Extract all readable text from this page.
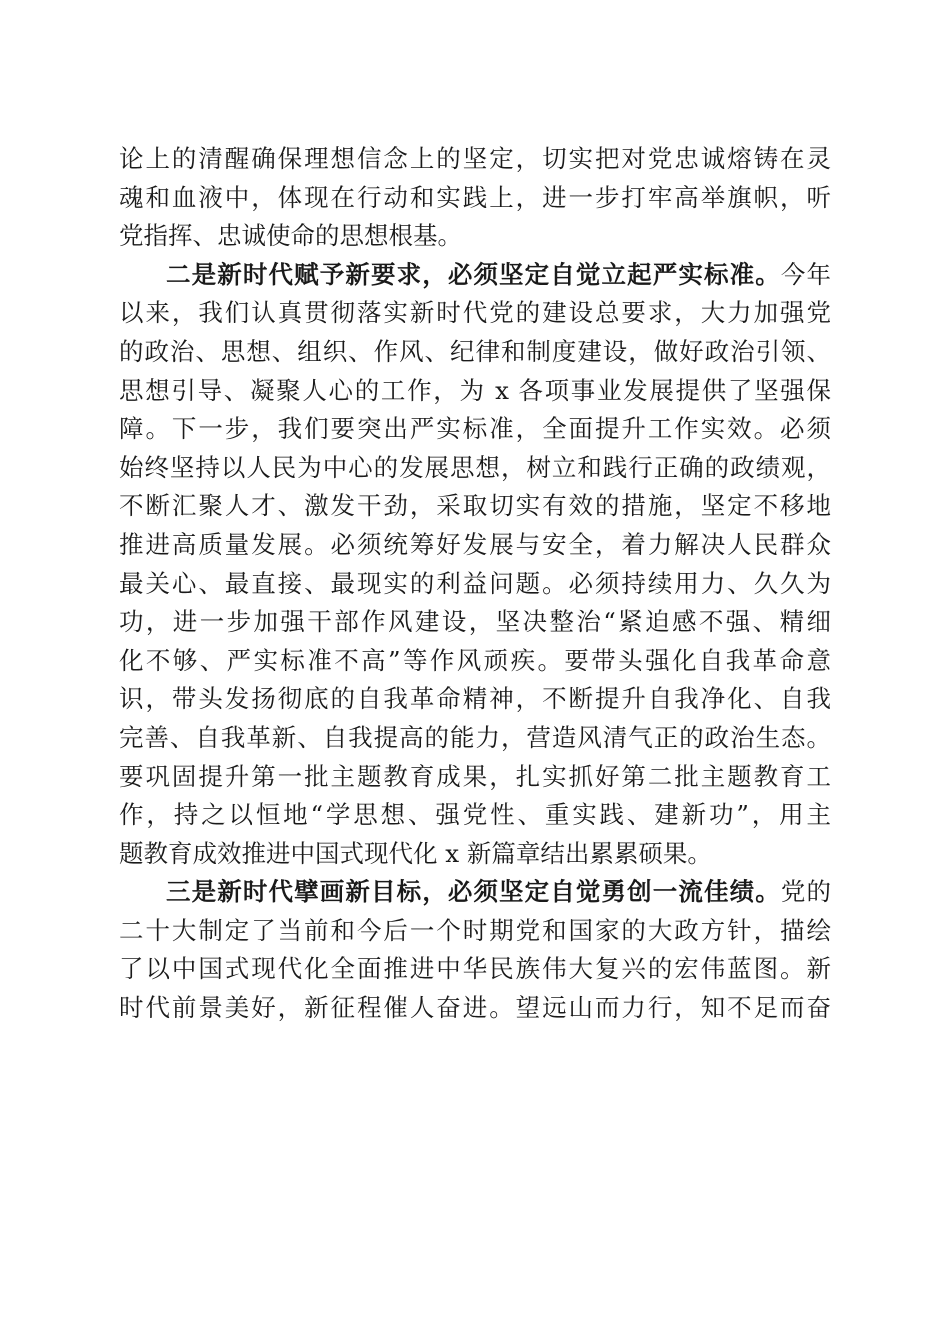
论上的清醒确保理想信念上的坚定，切实把对党忠诚熔铸在灵
魂和血液中，体现在行动和实践上，进一步打牢高举旗帜，听
党指挥、忠诚使命的思想根基。
二是新时代赋予新要求，必须坚定自觉立起严实标准。今年
以来，我们认真贯彻落实新时代党的建设总要求，大力加强党
的政治、思想、组织、作风、纪律和制度建设，做好政治引领、
思想引导、凝聚人心的工作，为 x 各项事业发展提供了坚强保
障。下一步，我们要突出严实标准，全面提升工作实效。必须
始终坚持以人民为中心的发展思想，树立和践行正确的政绩观，
不断汇聚人才、激发干劲，采取切实有效的措施，坚定不移地
推进高质量发展。必须统筹好发展与安全，着力解决人民群众
最关心、最直接、最现实的利益问题。必须持续用力、久久为
功，进一步加强干部作风建设，坚决整治“紧迫感不强、精细
化不够、严实标准不高”等作风顽疾。要带头强化自我革命意
识，带头发扬彻底的自我革命精神，不断提升自我净化、自我
完善、自我革新、自我提高的能力，营造风清气正的政治生态。
要巩固提升第一批主题教育成果，扎实抓好第二批主题教育工
作，持之以恒地“学思想、强党性、重实践、建新功”，用主
题教育成效推进中国式现代化 x 新篇章结出累累硕果。
三是新时代擘画新目标，必须坚定自觉勇创一流佳绩。党的
二十大制定了当前和今后一个时期党和国家的大政方针，描绘
了以中国式现代化全面推进中华民族伟大复兴的宏伟蓝图。新
时代前景美好，新征程催人奋进。望远山而力行，知不足而奋
